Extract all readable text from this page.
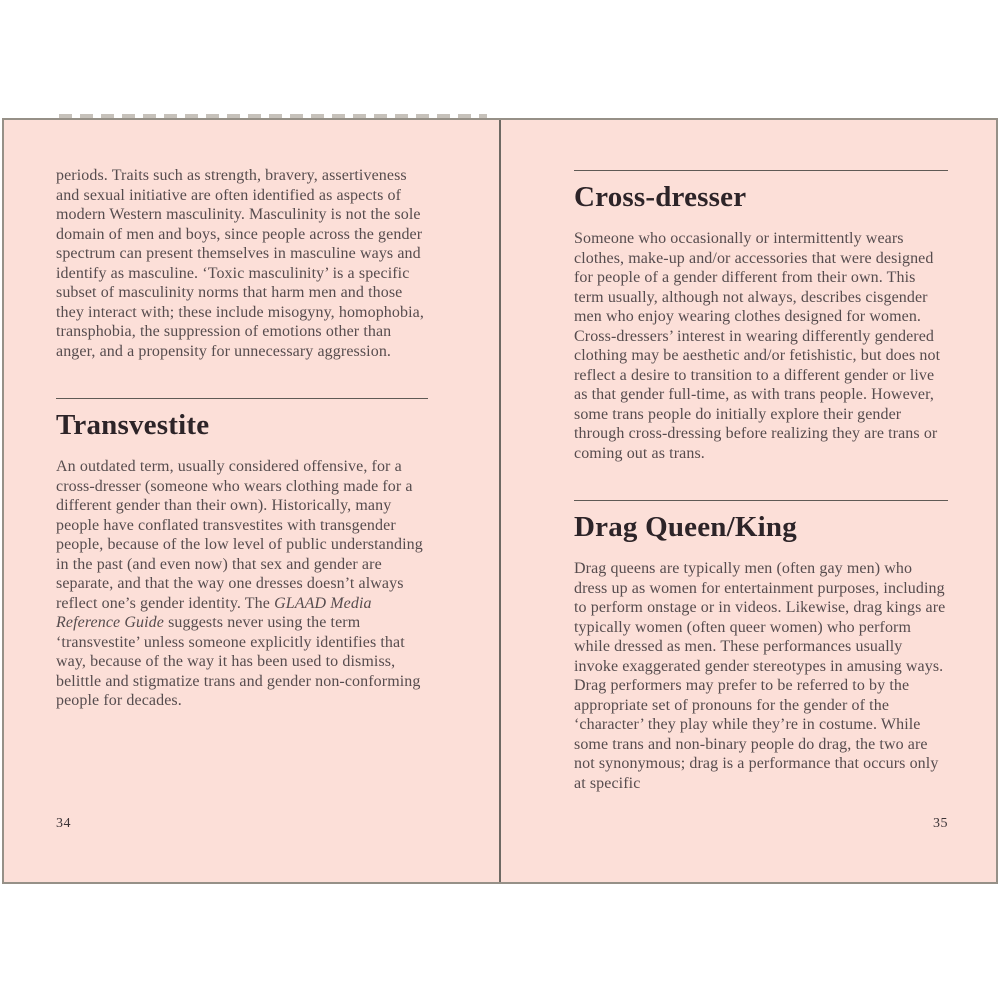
periods. Traits such as strength, bravery, assertiveness and sexual initiative are often identified as aspects of modern Western masculinity. Masculinity is not the sole domain of men and boys, since people across the gender spectrum can present themselves in masculine ways and identify as masculine. ‘Toxic masculinity’ is a specific subset of masculinity norms that harm men and those they interact with; these include misogyny, homophobia, transphobia, the suppression of emotions other than anger, and a propensity for unnecessary aggression.

Transvestite

An outdated term, usually considered offensive, for a cross-dresser (someone who wears clothing made for a different gender than their own). Historically, many people have conflated transvestites with transgender people, because of the low level of public understanding in the past (and even now) that sex and gender are separate, and that the way one dresses doesn’t always reflect one’s gender identity. The GLAAD Media Reference Guide suggests never using the term ‘transvestite’ unless someone explicitly identifies that way, because of the way it has been used to dismiss, belittle and stigmatize trans and gender non-conforming people for decades.

34
Cross-dresser

Someone who occasionally or intermittently wears clothes, make-up and/or accessories that were designed for people of a gender different from their own. This term usually, although not always, describes cisgender men who enjoy wearing clothes designed for women. Cross-dressers’ interest in wearing differently gendered clothing may be aesthetic and/or fetishistic, but does not reflect a desire to transition to a different gender or live as that gender full-time, as with trans people. However, some trans people do initially explore their gender through cross-dressing before realizing they are trans or coming out as trans.

Drag Queen/King

Drag queens are typically men (often gay men) who dress up as women for entertainment purposes, including to perform onstage or in videos. Likewise, drag kings are typically women (often queer women) who perform while dressed as men. These performances usually invoke exaggerated gender stereotypes in amusing ways. Drag performers may prefer to be referred to by the appropriate set of pronouns for the gender of the ‘character’ they play while they’re in costume. While some trans and non-binary people do drag, the two are not synonymous; drag is a performance that occurs only at specific

35
